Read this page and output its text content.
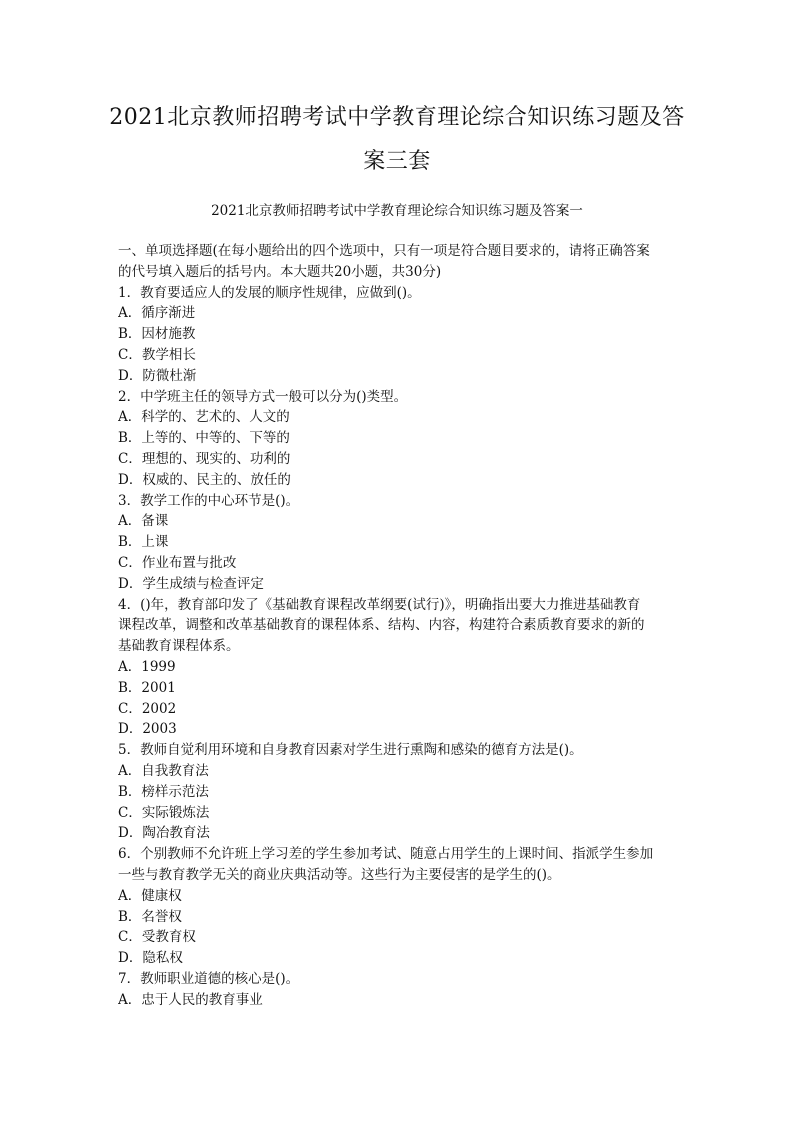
2021北京教师招聘考试中学教育理论综合知识练习题及答
案三套
2021北京教师招聘考试中学教育理论综合知识练习题及答案一
一、单项选择题(在每小题给出的四个选项中，只有一项是符合题目要求的，请将正确答案
的代号填入题后的括号内。本大题共20小题，共30分)
1．教育要适应人的发展的顺序性规律，应做到()。
A．循序渐进
B．因材施教
C．教学相长
D．防微杜渐
2．中学班主任的领导方式一般可以分为()类型。
A．科学的、艺术的、人文的
B．上等的、中等的、下等的
C．理想的、现实的、功利的
D．权威的、民主的、放任的
3．教学工作的中心环节是()。
A．备课
B．上课
C．作业布置与批改
D．学生成绩与检查评定
4．()年，教育部印发了《基础教育课程改革纲要(试行)》，明确指出要大力推进基础教育
课程改革，调整和改革基础教育的课程体系、结构、内容，构建符合素质教育要求的新的
基础教育课程体系。
A．1999
B．2001
C．2002
D．2003
5．教师自觉利用环境和自身教育因素对学生进行熏陶和感染的德育方法是()。
A．自我教育法
B．榜样示范法
C．实际锻炼法
D．陶冶教育法
6．个别教师不允许班上学习差的学生参加考试、随意占用学生的上课时间、指派学生参加
一些与教育教学无关的商业庆典活动等。这些行为主要侵害的是学生的()。
A．健康权
B．名誉权
C．受教育权
D．隐私权
7．教师职业道德的核心是()。
A．忠于人民的教育事业
